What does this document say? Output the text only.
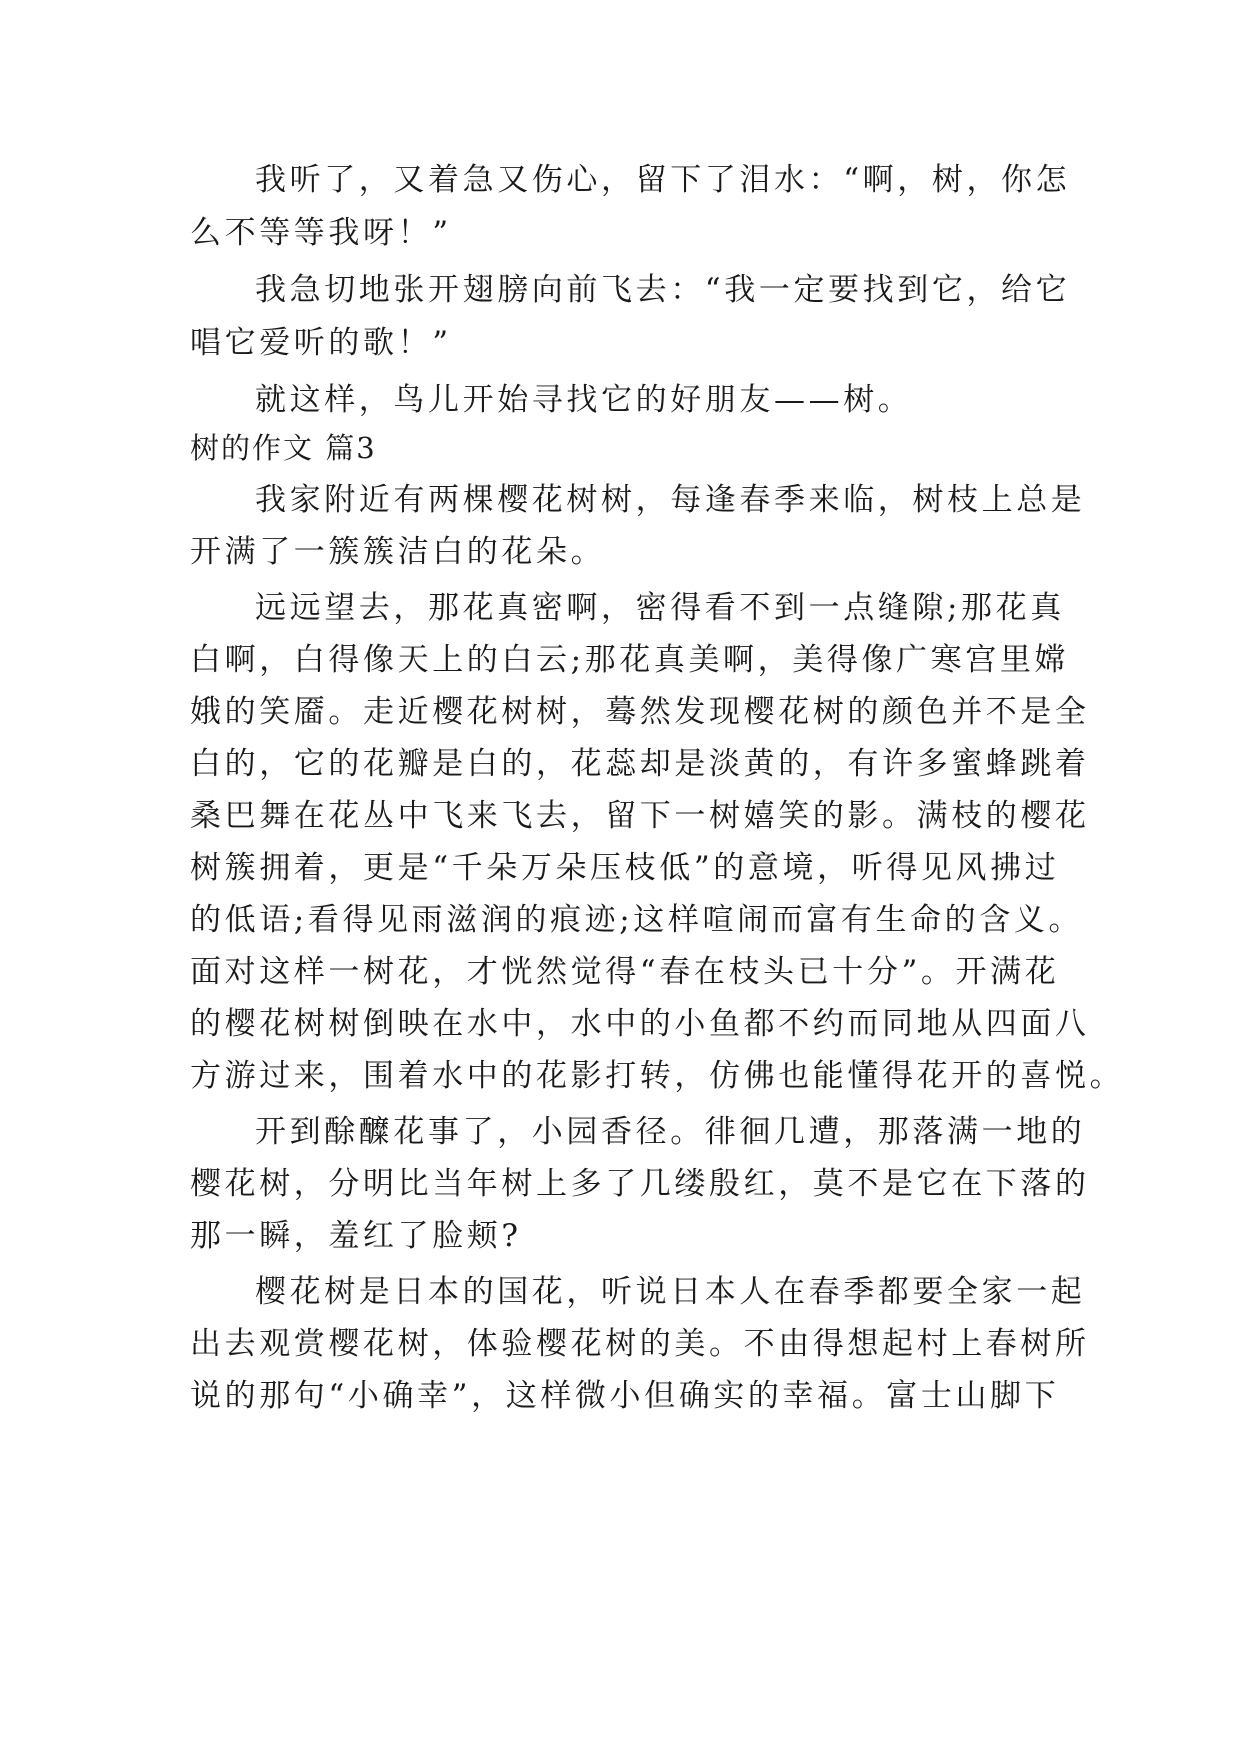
我听了，又着急又伤心，留下了泪水：“啊，树，你怎
么不等等我呀！”
我急切地张开翅膀向前飞去：“我一定要找到它，给它
唱它爱听的歌！”
就这样，鸟儿开始寻找它的好朋友——树。
树的作文 篇3
我家附近有两棵樱花树树，每逢春季来临，树枝上总是
开满了一簇簇洁白的花朵。
远远望去，那花真密啊，密得看不到一点缝隙;那花真
白啊，白得像天上的白云;那花真美啊，美得像广寒宫里嫦
娥的笑靥。走近樱花树树，蓦然发现樱花树的颜色并不是全
白的，它的花瓣是白的，花蕊却是淡黄的，有许多蜜蜂跳着
桑巴舞在花丛中飞来飞去，留下一树嬉笑的影。满枝的樱花
树簇拥着，更是“千朵万朵压枝低”的意境，听得见风拂过
的低语;看得见雨滋润的痕迹;这样喧闹而富有生命的含义。
面对这样一树花，才恍然觉得“春在枝头已十分”。开满花
的樱花树树倒映在水中，水中的小鱼都不约而同地从四面八
方游过来，围着水中的花影打转，仿佛也能懂得花开的喜悦。
开到酴醾花事了，小园香径。徘徊几遭，那落满一地的
樱花树，分明比当年树上多了几缕殷红，莫不是它在下落的
那一瞬，羞红了脸颊?
樱花树是日本的国花，听说日本人在春季都要全家一起
出去观赏樱花树，体验樱花树的美。不由得想起村上春树所
说的那句“小确幸”，这样微小但确实的幸福。富士山脚下
